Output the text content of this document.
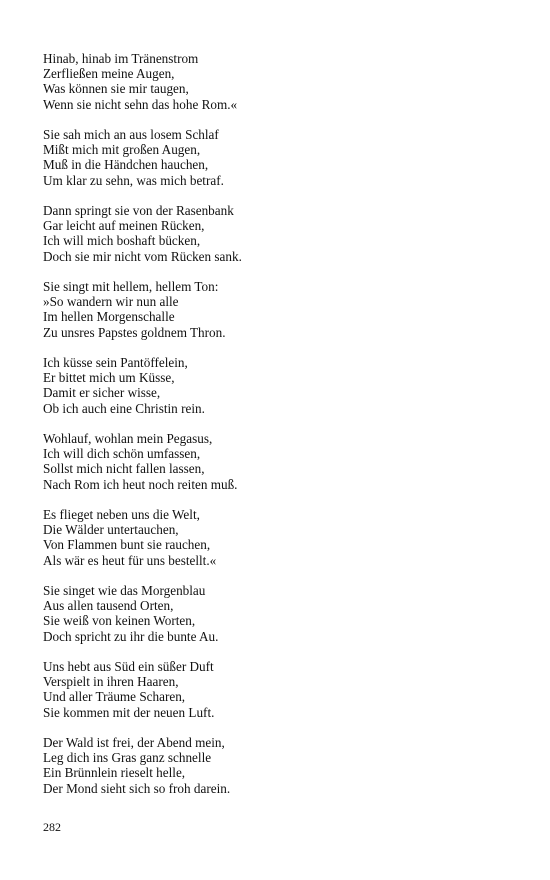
Hinab, hinab im Tränenstrom
Zerfließen meine Augen,
Was können sie mir taugen,
Wenn sie nicht sehn das hohe Rom.«
Sie sah mich an aus losem Schlaf
Mißt mich mit großen Augen,
Muß in die Händchen hauchen,
Um klar zu sehn, was mich betraf.
Dann springt sie von der Rasenbank
Gar leicht auf meinen Rücken,
Ich will mich boshaft bücken,
Doch sie mir nicht vom Rücken sank.
Sie singt mit hellem, hellem Ton:
»So wandern wir nun alle
Im hellen Morgenschalle
Zu unsres Papstes goldnem Thron.
Ich küsse sein Pantöffelein,
Er bittet mich um Küsse,
Damit er sicher wisse,
Ob ich auch eine Christin rein.
Wohlauf, wohlan mein Pegasus,
Ich will dich schön umfassen,
Sollst mich nicht fallen lassen,
Nach Rom ich heut noch reiten muß.
Es flieget neben uns die Welt,
Die Wälder untertauchen,
Von Flammen bunt sie rauchen,
Als wär es heut für uns bestellt.«
Sie singet wie das Morgenblau
Aus allen tausend Orten,
Sie weiß von keinen Worten,
Doch spricht zu ihr die bunte Au.
Uns hebt aus Süd ein süßer Duft
Verspielt in ihren Haaren,
Und aller Träume Scharen,
Sie kommen mit der neuen Luft.
Der Wald ist frei, der Abend mein,
Leg dich ins Gras ganz schnelle
Ein Brünnlein rieselt helle,
Der Mond sieht sich so froh darein.
282
